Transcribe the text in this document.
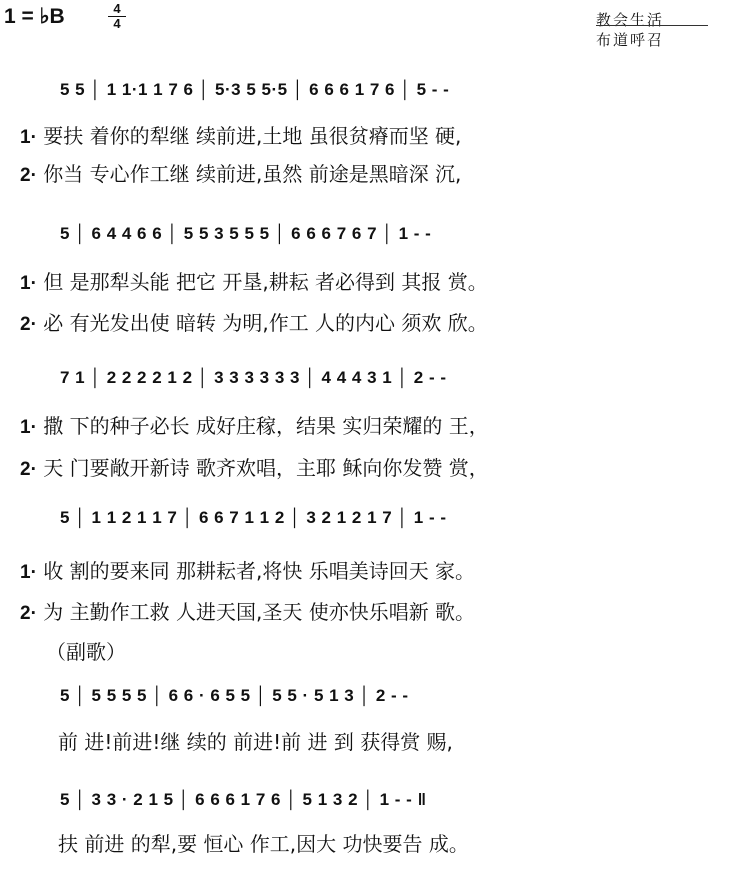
1 = ♭B	4
4	教会生活
布道呼召
5 5 │ 1 1·1 1 7 6 │ 5·3 5 5·5 │ 6 6 6 1 7 6 │ 5 - -
1· 要扶 着你的犁继 续前进,土地 虽很贫瘠而坚 硬,
2· 你当 专心作工继 续前进,虽然 前途是黑暗深 沉,
5 │ 6 4 4 6 6 │ 5 5 3 5 5 5 │ 6 6 6 7 6 7 │ 1 - -
1· 但 是那犁头能 把它 开垦,耕耘 者必得到 其报 赏。
2· 必 有光发出使 暗转 为明,作工 人的内心 须欢 欣。
7 1 │ 2 2 2 2 1 2 │ 3 3 3 3 3 3 │ 4 4 4 3 1 │ 2 - -
1· 撒 下的种子必长 成好庄稼，结果 实归荣耀的 王，
2· 天 门要敞开新诗 歌齐欢唱，主耶 稣向你发赞 赏，
5 │ 1 1 2 1 1 7 │ 6 6 7 1 1 2 │ 3 2 1 2 1 7 │ 1 - -
1· 收 割的要来同 那耕耘者,将快 乐唱美诗回天 家。
2· 为 主勤作工救 人进天国,圣天 使亦快乐唱新 歌。
（副歌）
5 │ 5 5 5 5 │ 6 6 · 6 5 5 │ 5 5 · 5 1 3 │ 2 - -
前 进!前进!继 续的 前进!前 进 到 获得赏 赐,
5 │ 3 3 · 2 1 5 │ 6 6 6 1 7 6 │ 5 1 3 2 │ 1 - - ‖
扶 前进 的犁,要 恒心 作工,因大 功快要告 成。
